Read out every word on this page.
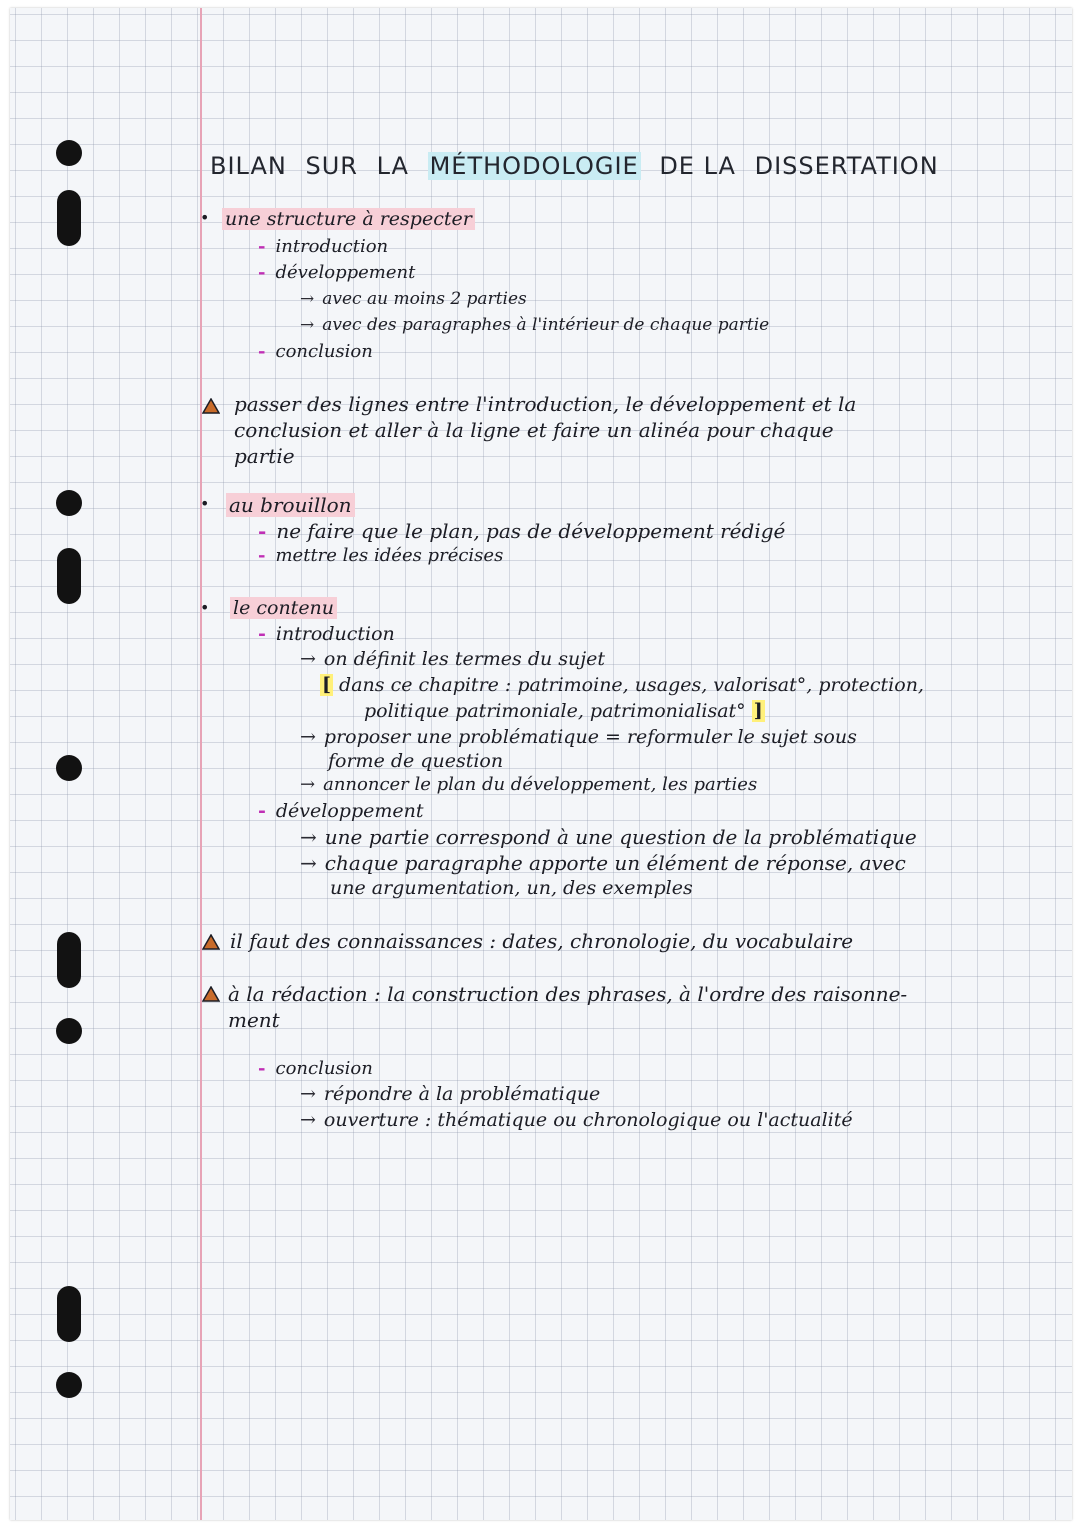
BILAN SUR LA MÉTHODOLOGIE DE LA DISSERTATION
• une structure à respecter
- introduction
- développement
→ avec au moins 2 parties
→ avec des paragraphes à l'intérieur de chaque partie
- conclusion
passer des lignes entre l'introduction, le développement et la
conclusion et aller à la ligne et faire un alinéa pour chaque
partie
• au brouillon
- ne faire que le plan, pas de développement rédigé
- mettre les idées précises
• le contenu
- introduction
→ on définit les termes du sujet
[ dans ce chapitre : patrimoine, usages, valorisat°, protection,
politique patrimoniale, patrimonialisat° ]
→ proposer une problématique = reformuler le sujet sous
forme de question
→ annoncer le plan du développement, les parties
- développement
→ une partie correspond à une question de la problématique
→ chaque paragraphe apporte un élément de réponse, avec
une argumentation, un, des exemples
il faut des connaissances : dates, chronologie, du vocabulaire
à la rédaction : la construction des phrases, à l'ordre des raisonne-
ment
- conclusion
→ répondre à la problématique
→ ouverture : thématique ou chronologique ou l'actualité
